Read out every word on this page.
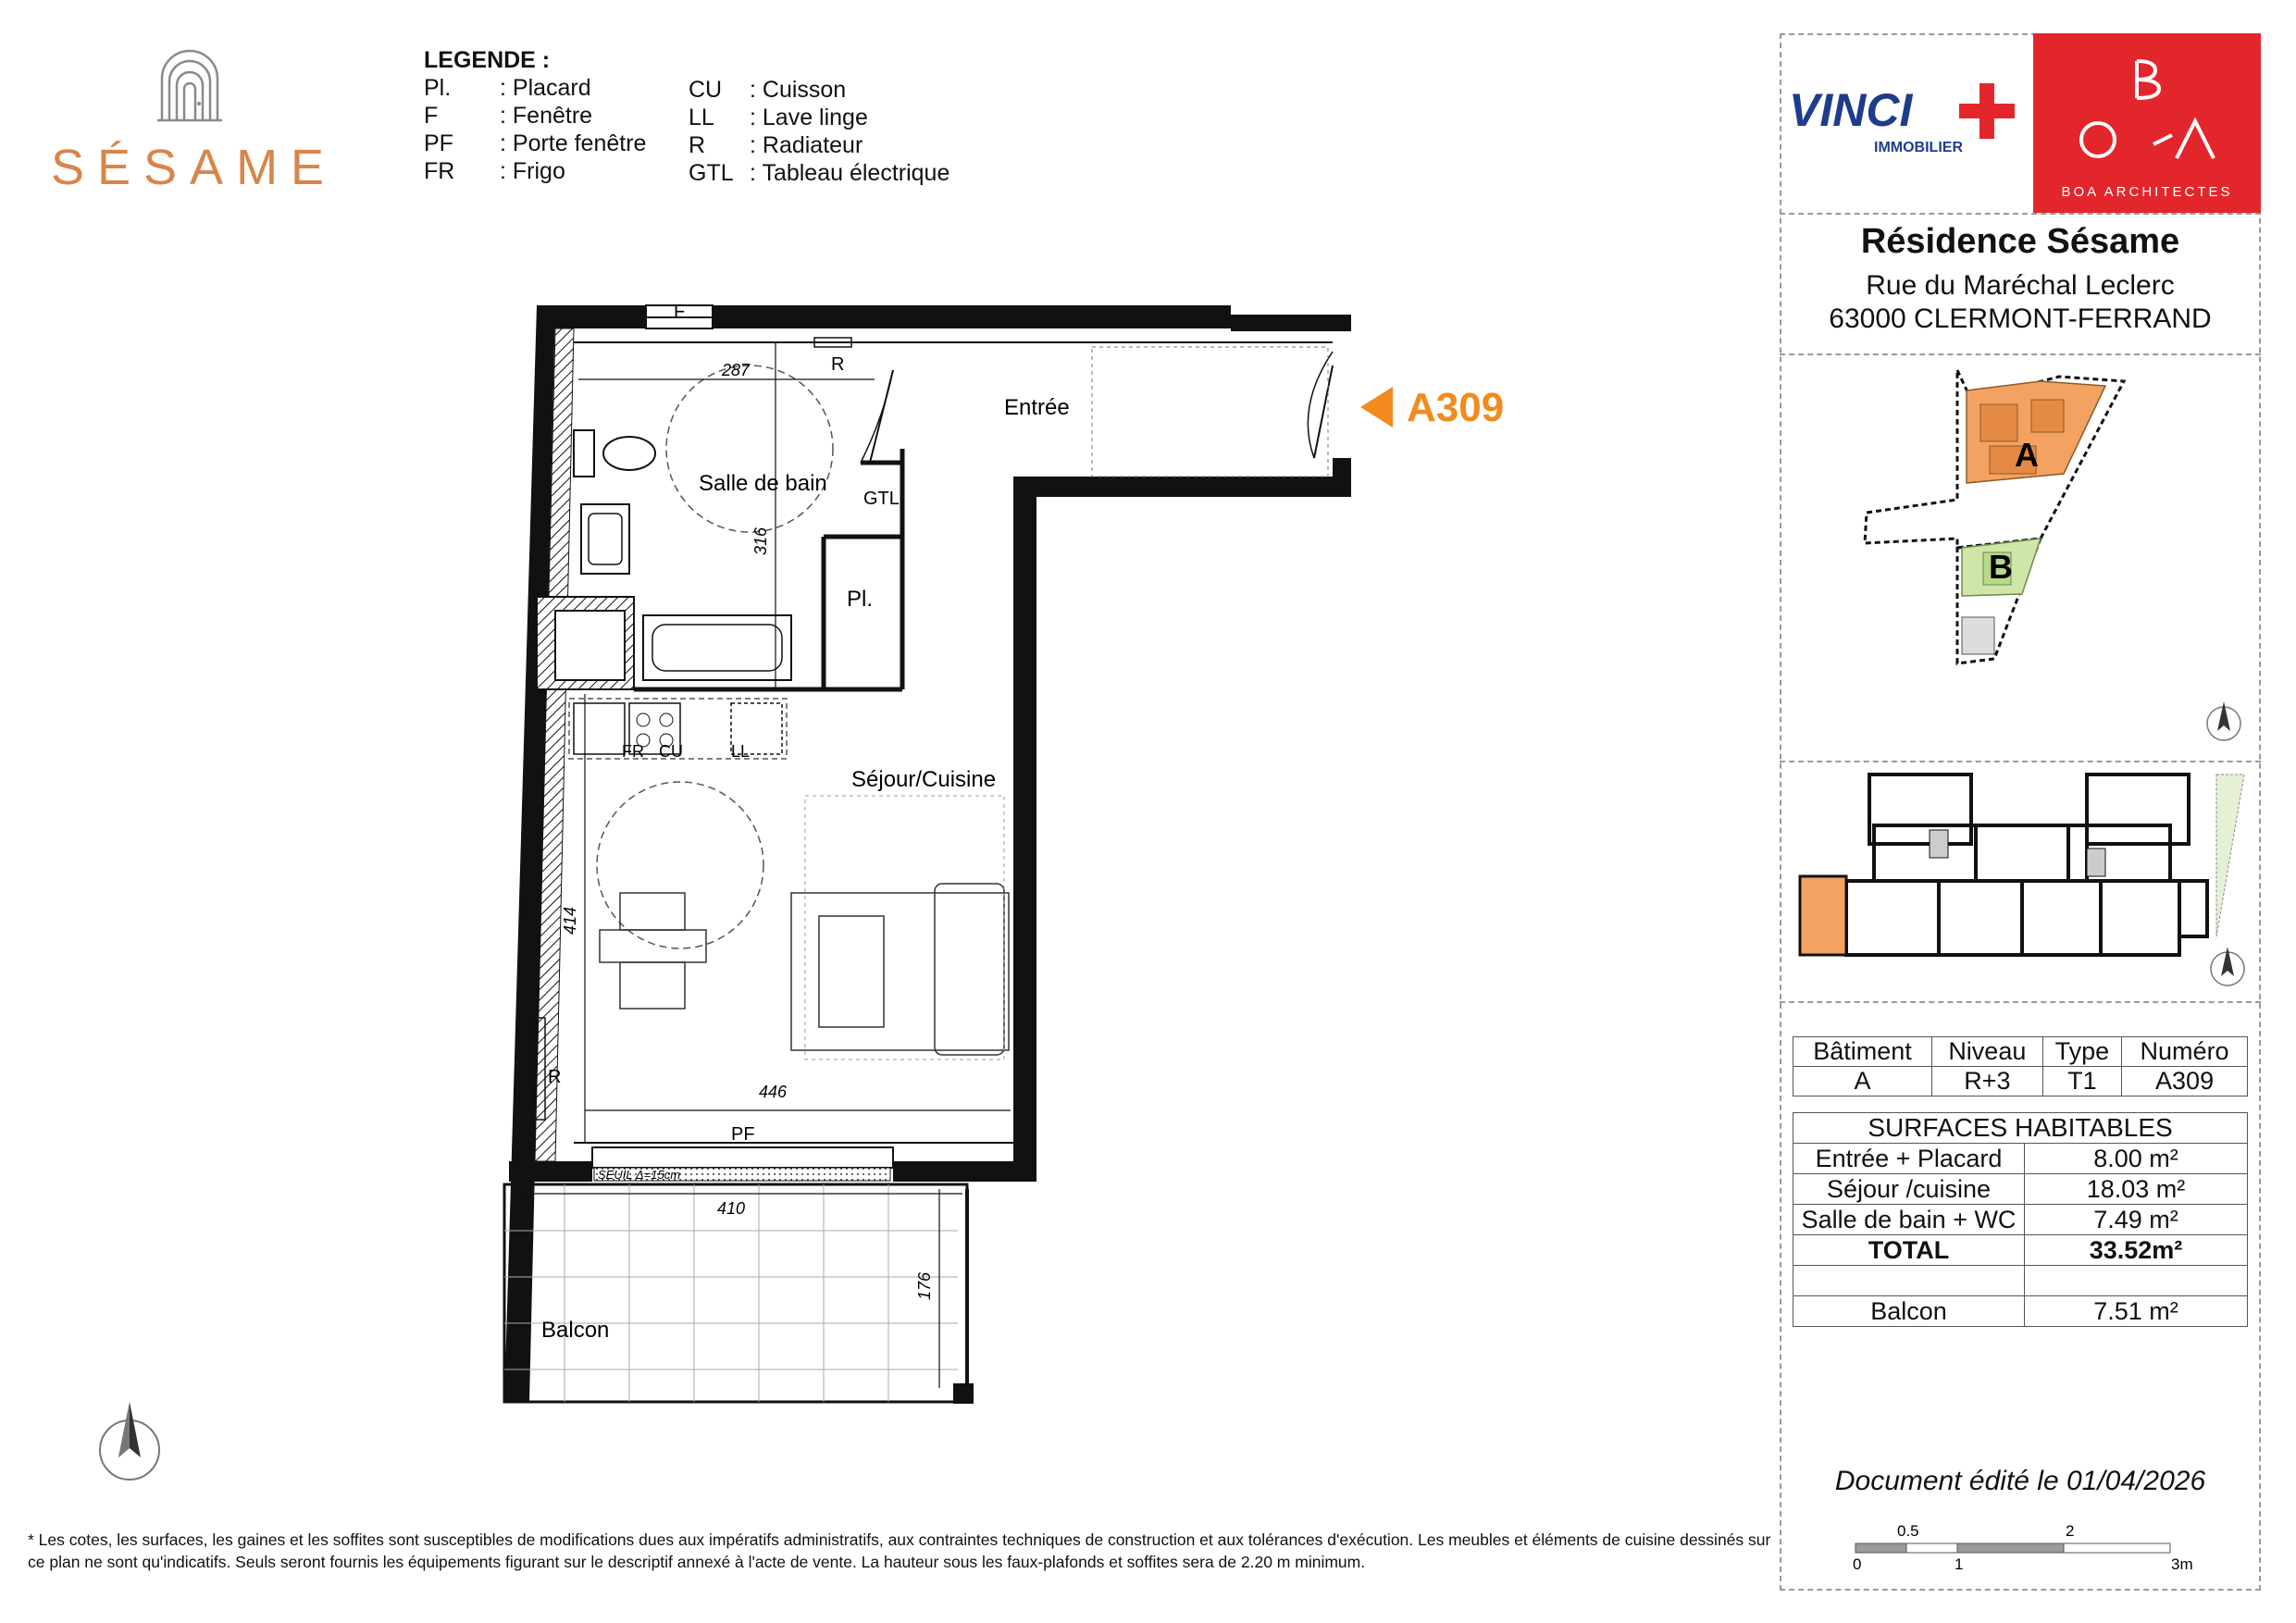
SÉSAME
LEGENDE :
Pl. : Placard
F	: Fenêtre
PF : Porte fenêtre
FR : Frigo
CU : Cuisson
LL : Lave linge
R : Radiateur
GTL : Tableau électrique
VINCI
IMMOBILIER
BOA ARCHITECTES
Résidence Sésame
Rue du Maréchal Leclerc
63000 CLERMONT-FERRAND
A
B
Bâtiment	Niveau	Type	Numéro
A	R+3	T1	A309
SURFACES HABITABLES	
Entrée + Placard	8.00 m²
Séjour /cuisine	18.03 m²
Salle de bain + WC	7.49 m²
TOTAL	33.52m²

Balcon	7.51 m²
Document édité le 01/04/2026
0.5	2
0	1	3m
* Les cotes, les surfaces, les gaines et les soffites sont susceptibles de modifications dues aux impératifs administratifs, aux contraintes techniques de construction et aux tolérances d'exécution. Les meubles et éléments de cuisine dessinés sur ce plan ne sont qu'indicatifs. Seuls seront fournis les équipements figurant sur le descriptif annexé à l'acte de vente. La hauteur sous les faux-plafonds et soffites sera de 2.20 m minimum.
F
Entrée
Salle de bain
Pl.
Séjour/Cuisine
Balcon
R
R
GTL
FR CU	LL
PF
SEUIL Δ=15cm
287
316
414
446
410
176
A309
N
